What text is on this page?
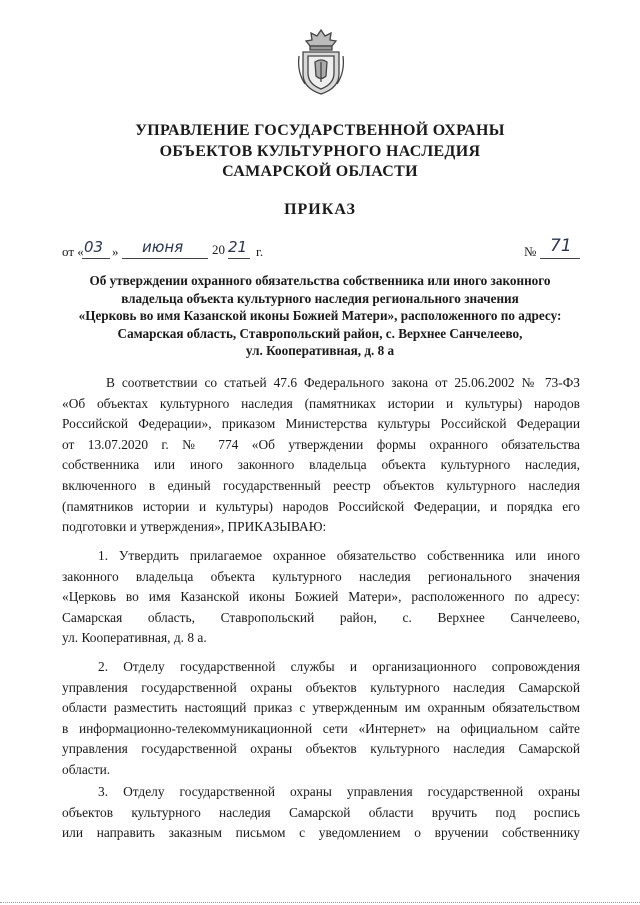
УПРАВЛЕНИЕ ГОСУДАРСТВЕННОЙ ОХРАНЫ

ОБЪЕКТОВ КУЛЬТУРНОГО НАСЛЕДИЯ

САМАРСКОЙ ОБЛАСТИ

ПРИКАЗ

от « 03 » июня 20 21 г.	№ 71
Об утверждении охранного обязательства собственника или иного законного
владельца объекта культурного наследия регионального значения
«Церковь во имя Казанской иконы Божией Матери», расположенного по адресу:
Самарская область, Ставропольский район, с. Верхнее Санчелеево,
ул. Кооперативная, д. 8 а
В соответствии со статьей 47.6 Федерального закона от 25.06.2002 № 73-ФЗ
«Об объектах культурного наследия (памятниках истории и культуры) народов
Российской Федерации», приказом Министерства культуры Российской Федерации
от 13.07.2020 г. № 774 «Об утверждении формы охранного обязательства
собственника или иного законного владельца объекта культурного наследия,
включенного в единый государственный реестр объектов культурного наследия
(памятников истории и культуры) народов Российской Федерации, и порядка его
подготовки и утверждения», ПРИКАЗЫВАЮ:
1. Утвердить прилагаемое охранное обязательство собственника или иного
законного владельца объекта культурного наследия регионального значения
«Церковь во имя Казанской иконы Божией Матери», расположенного по адресу:
Самарская область, Ставропольский район, с. Верхнее Санчелеево,
ул. Кооперативная, д. 8 а.
2. Отделу государственной службы и организационного сопровождения
управления государственной охраны объектов культурного наследия Самарской
области разместить настоящий приказ с утвержденным им охранным обязательством
в информационно-телекоммуникационной сети «Интернет» на официальном сайте
управления государственной охраны объектов культурного наследия Самарской
области.
3. Отделу государственной охраны управления государственной охраны
объектов культурного наследия Самарской области вручить под роспись
или направить заказным письмом с уведомлением о вручении собственнику
